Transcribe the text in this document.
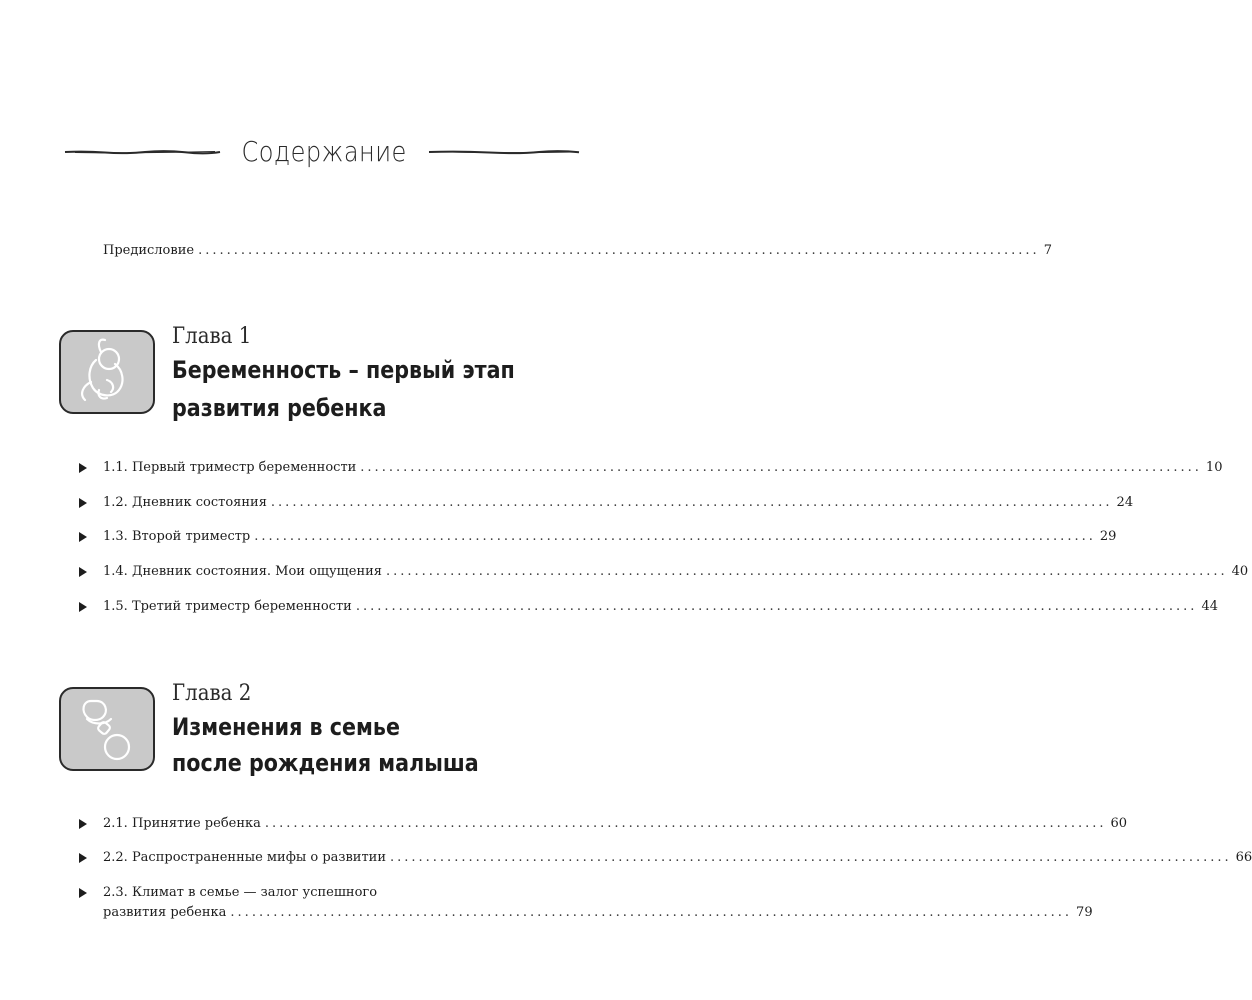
Содержание
Предисловие ...................................................................................................................... 7
Глава 1
Беременность – первый этап
развития ребенка
1.1. Первый триместр беременности ...................................................................................................................... 10
1.2. Дневник состояния ...................................................................................................................... 24
1.3. Второй триместр ...................................................................................................................... 29
1.4. Дневник состояния. Мои ощущения ...................................................................................................................... 40
1.5. Третий триместр беременности ...................................................................................................................... 44
Глава 2
Изменения в семье
после рождения малыша
2.1. Принятие ребенка ...................................................................................................................... 60
2.2. Распространенные мифы о развитии ...................................................................................................................... 66
2.3. Климат в семье — залог успешного
развития ребенка ...................................................................................................................... 79
